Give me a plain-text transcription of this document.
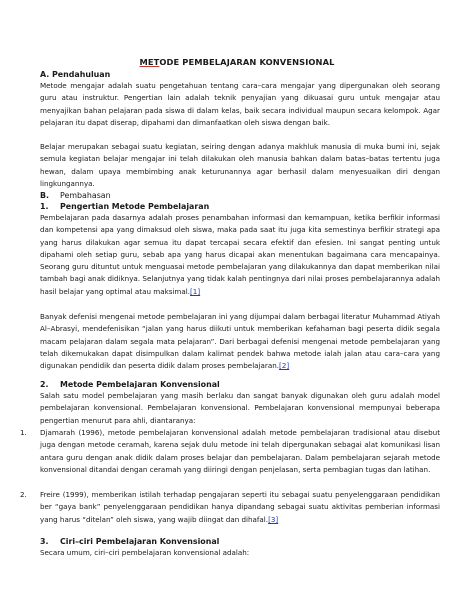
METODE PEMBELAJARAN KONVENSIONAL
A. Pendahuluan
Metode mengajar adalah suatu pengetahuan tentang cara–cara mengajar yang dipergunakan oleh seorang guru atau instruktur. Pengertian lain adalah teknik penyajian yang dikuasai guru untuk mengajar atau menyajikan bahan pelajaran pada siswa di dalam kelas, baik secara individual maupun secara kelompok. Agar pelajaran itu dapat diserap, dipahami dan dimanfaatkan oleh siswa dengan baik.
Belajar merupakan sebagai suatu kegiatan, seiring dengan adanya makhluk manusia di muka bumi ini, sejak semula kegiatan belajar mengajar ini telah dilakukan oleh manusia bahkan dalam batas–batas tertentu juga hewan, dalam upaya membimbing anak keturunannya agar berhasil dalam menyesuaikan diri dengan lingkungannya.
B. Pembahasan
1. Pengertian Metode Pembelajaran
Pembelajaran pada dasarnya adalah proses penambahan informasi dan kemampuan, ketika berfikir informasi dan kompetensi apa yang dimaksud oleh siswa, maka pada saat itu juga kita semestinya berfikir strategi apa yang harus dilakukan agar semua itu dapat tercapai secara efektif dan efesien. Ini sangat penting untuk dipahami oleh setiap guru, sebab apa yang harus dicapai akan menentukan bagaimana cara mencapainya. Seorang guru dituntut untuk menguasai metode pembelajaran yang dilakukannya dan dapat memberikan nilai tambah bagi anak didiknya. Selanjutnya yang tidak kalah pentingnya dari nilai proses pembelajarannya adalah hasil belajar yang optimal atau maksimal.[1]
Banyak defenisi mengenai metode pembelajaran ini yang dijumpai dalam berbagai literatur Muhammad Atiyah Al–Abrasyi, mendefenisikan “jalan yang harus diikuti untuk memberikan kefahaman bagi peserta didik segala macam pelajaran dalam segala mata pelajaran”. Dari berbagai defenisi mengenai metode pembelajaran yang telah dikemukakan dapat disimpulkan dalam kalimat pendek bahwa metode ialah jalan atau cara–cara yang digunakan pendidik dan peserta didik dalam proses pembelajaran.[2]
2. Metode Pembelajaran Konvensional
Salah satu model pembelajaran yang masih berlaku dan sangat banyak digunakan oleh guru adalah model pembelajaran konvensional. Pembelajaran konvensional. Pembelajaran konvensional mempunyai beberapa pengertian menurut para ahli, diantaranya:
1. Djamarah (1996), metode pembelajaran konvensional adalah metode pembelajaran tradisional atau disebut juga dengan metode ceramah, karena sejak dulu metode ini telah dipergunakan sebagai alat komunikasi lisan antara guru dengan anak didik dalam proses belajar dan pembelajaran. Dalam pembelajaran sejarah metode konvensional ditandai dengan ceramah yang diiringi dengan penjelasan, serta pembagian tugas dan latihan.
2. Freire (1999), memberikan istilah terhadap pengajaran seperti itu sebagai suatu penyelenggaraan pendidikan ber “gaya bank” penyelenggaraan pendidikan hanya dipandang sebagai suatu aktivitas pemberian informasi yang harus “ditelan” oleh siswa, yang wajib diingat dan dihafal.[3]
3. Ciri–ciri Pembelajaran Konvensional
Secara umum, ciri–ciri pembelajaran konvensional adalah:
